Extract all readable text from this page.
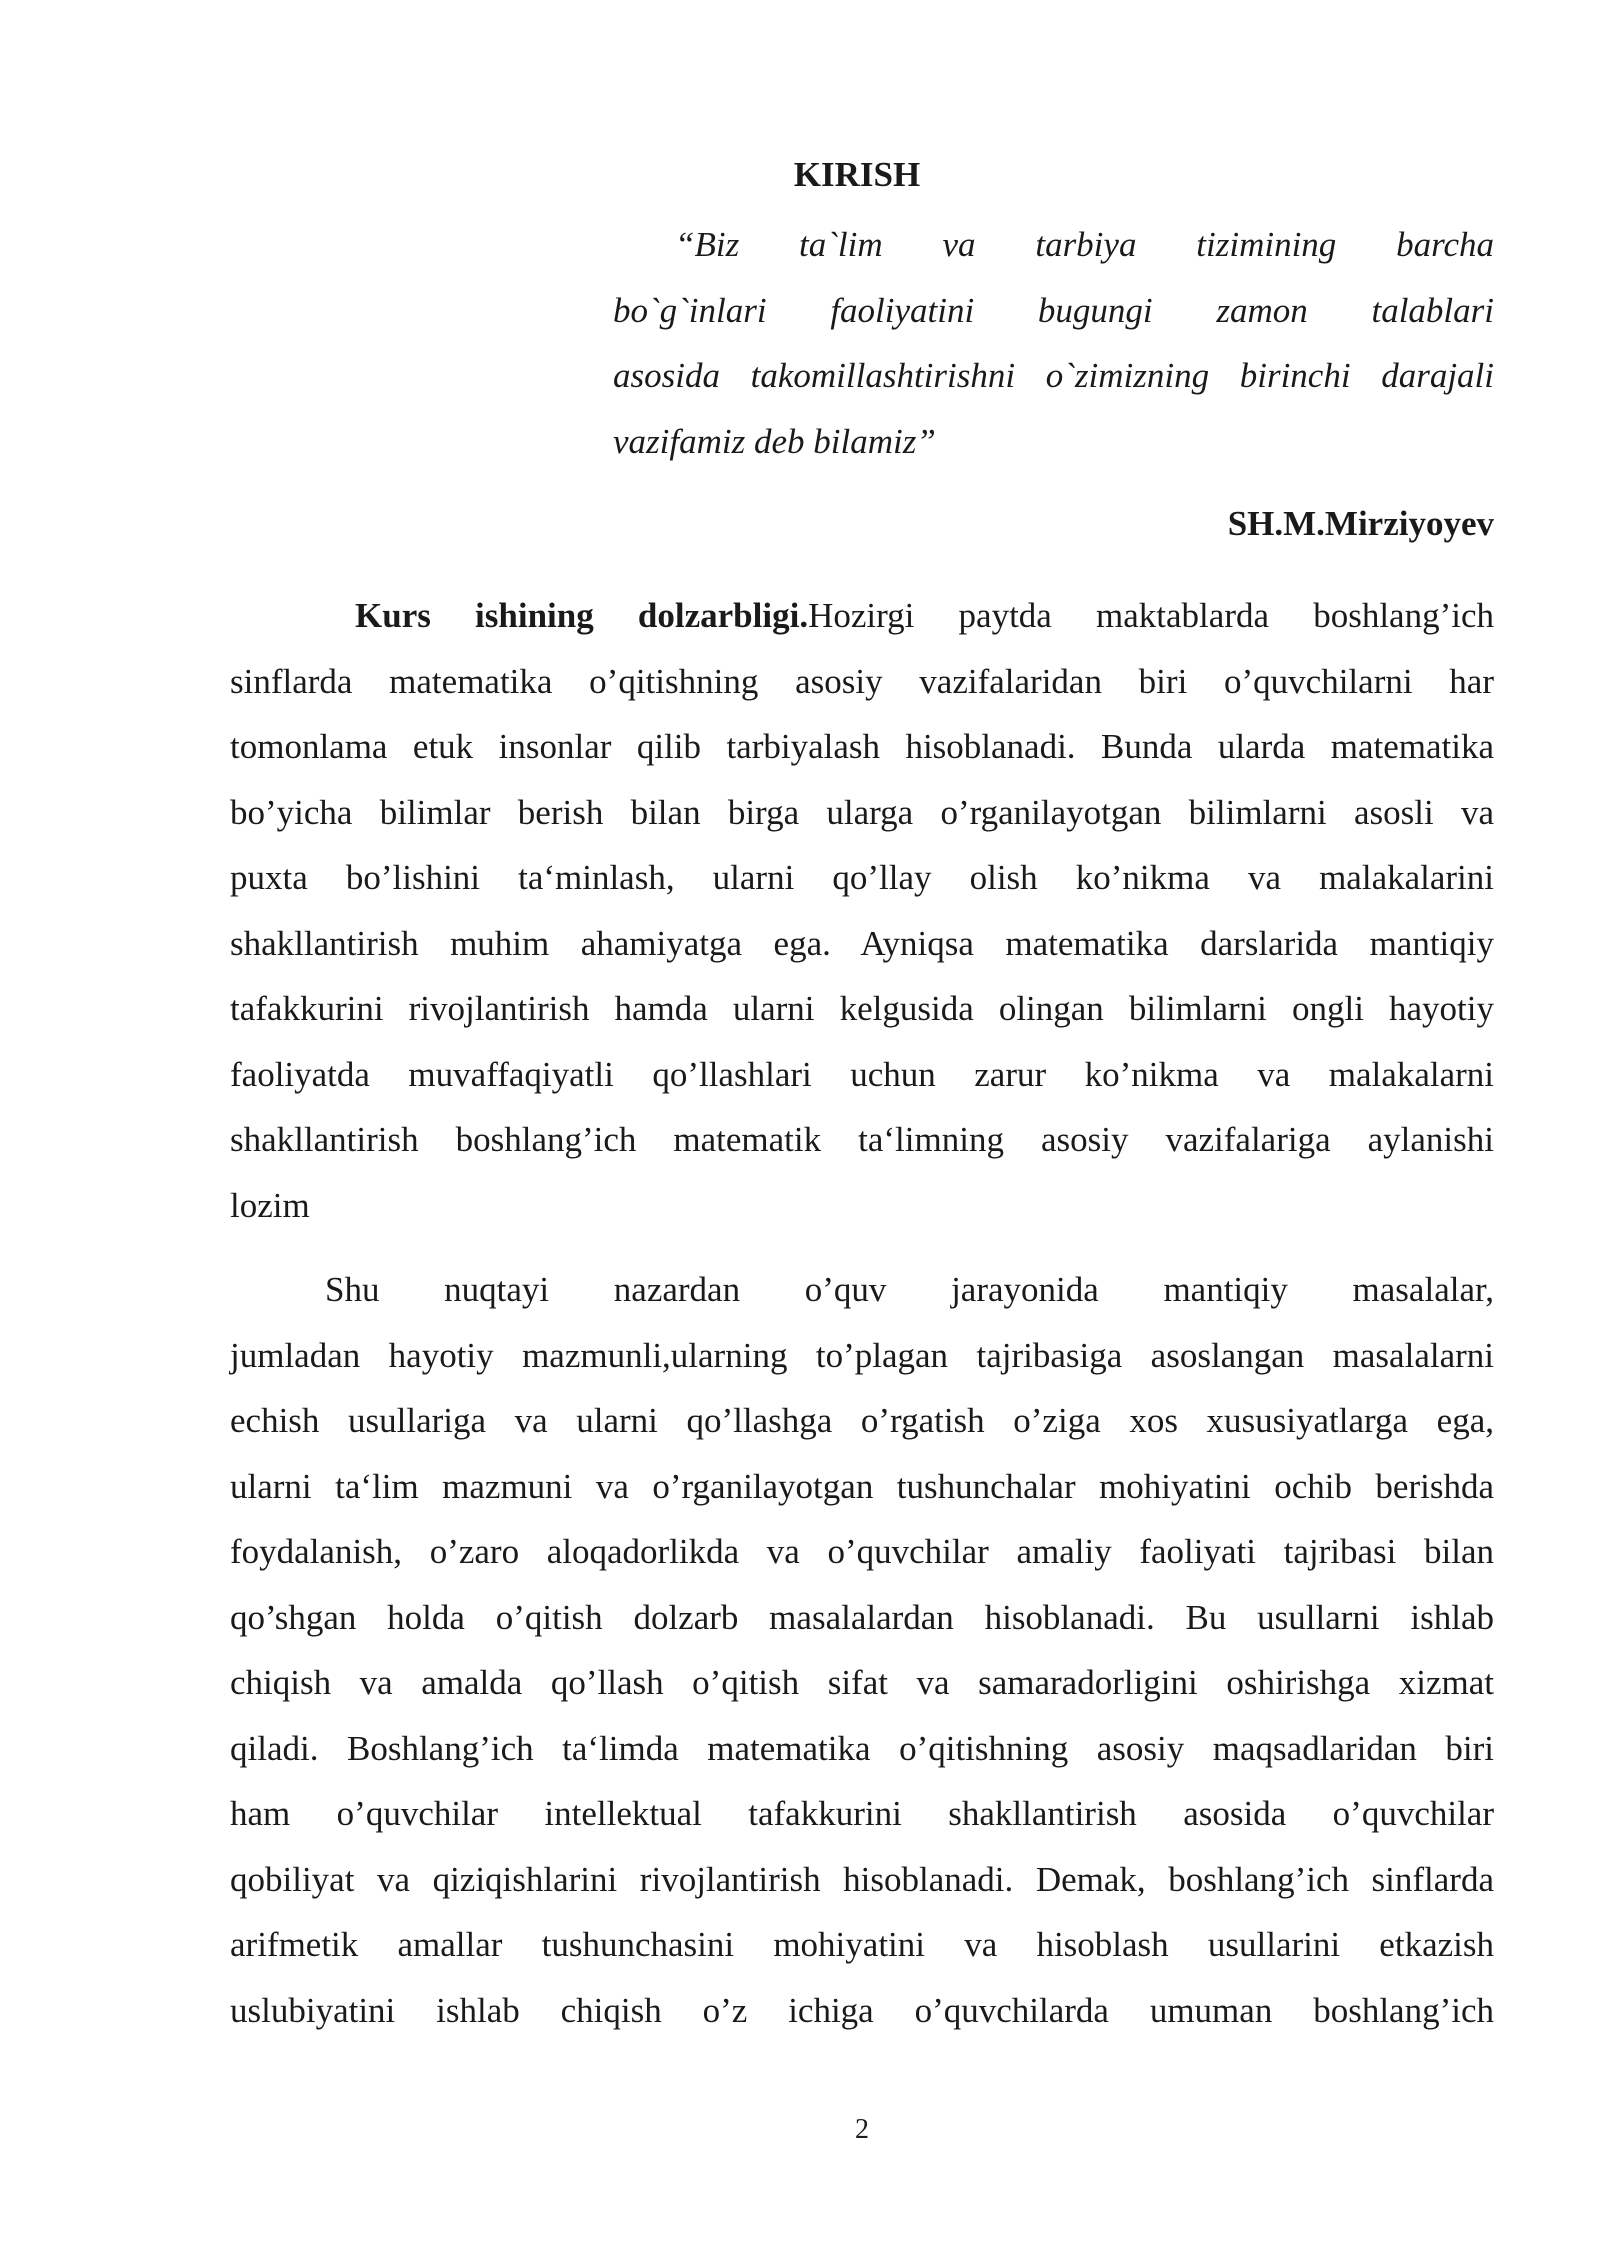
KIRISH
“Biz ta`lim va tarbiya tizimining barcha
bo`g`inlari faoliyatini bugungi zamon talablari
asosida takomillashtirishni o`zimizning birinchi darajali
vazifamiz deb bilamiz”
SH.M.Mirziyoyev
Kurs ishining dolzarbligi.Hozirgi paytda maktablarda boshlang’ich
sinflarda matematika o’qitishning asosiy vazifalaridan biri o’quvchilarni har
tomonlama etuk insonlar qilib tarbiyalash hisoblanadi. Bunda ularda matematika
bo’yicha bilimlar berish bilan birga ularga o’rganilayotgan bilimlarni asosli va
puxta bo’lishini ta‘minlash, ularni qo’llay olish ko’nikma va malakalarini
shakllantirish muhim ahamiyatga ega. Ayniqsa matematika darslarida mantiqiy
tafakkurini rivojlantirish hamda ularni kelgusida olingan bilimlarni ongli hayotiy
faoliyatda muvaffaqiyatli qo’llashlari uchun zarur ko’nikma va malakalarni
shakllantirish boshlang’ich matematik ta‘limning asosiy vazifalariga aylanishi
lozim
Shu nuqtayi nazardan o’quv jarayonida mantiqiy masalalar,
jumladan hayotiy mazmunli,ularning to’plagan tajribasiga asoslangan masalalarni
echish usullariga va ularni qo’llashga o’rgatish o’ziga xos xususiyatlarga ega,
ularni ta‘lim mazmuni va o’rganilayotgan tushunchalar mohiyatini ochib berishda
foydalanish, o’zaro aloqadorlikda va o’quvchilar amaliy faoliyati tajribasi bilan
qo’shgan holda o’qitish dolzarb masalalardan hisoblanadi. Bu usullarni ishlab
chiqish va amalda qo’llash o’qitish sifat va samaradorligini oshirishga xizmat
qiladi. Boshlang’ich ta‘limda matematika o’qitishning asosiy maqsadlaridan biri
ham o’quvchilar intellektual tafakkurini shakllantirish asosida o’quvchilar
qobiliyat va qiziqishlarini rivojlantirish hisoblanadi. Demak, boshlang’ich sinflarda
arifmetik amallar tushunchasini mohiyatini va hisoblash usullarini etkazish
uslubiyatini ishlab chiqish o’z ichiga o’quvchilarda umuman boshlang’ich
2
